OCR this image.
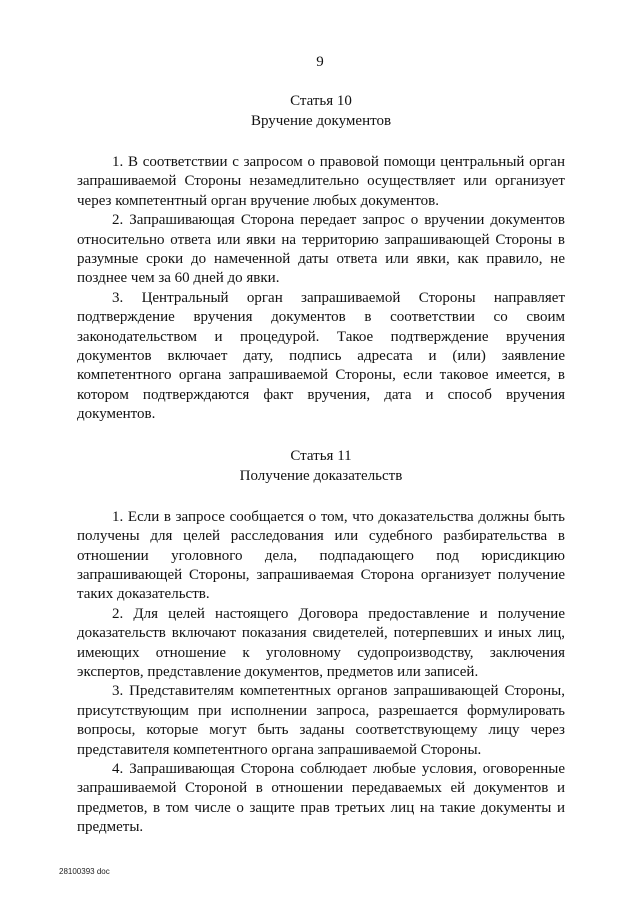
9
Статья 10
Вручение документов

1. В соответствии с запросом о правовой помощи центральный орган запрашиваемой Стороны незамедлительно осуществляет или организует через компетентный орган вручение любых документов.

2. Запрашивающая Сторона передает запрос о вручении документов относительно ответа или явки на территорию запрашивающей Стороны в разумные сроки до намеченной даты ответа или явки, как правило, не позднее чем за 60 дней до явки.

3. Центральный орган запрашиваемой Стороны направляет подтверждение вручения документов в соответствии со своим законодательством и процедурой. Такое подтверждение вручения документов включает дату, подпись адресата и (или) заявление компетентного органа запрашиваемой Стороны, если таковое имеется, в котором подтверждаются факт вручения, дата и способ вручения документов.

Статья 11
Получение доказательств

1. Если в запросе сообщается о том, что доказательства должны быть получены для целей расследования или судебного разбирательства в отношении уголовного дела, подпадающего под юрисдикцию запрашивающей Стороны, запрашиваемая Сторона организует получение таких доказательств.

2. Для целей настоящего Договора предоставление и получение доказательств включают показания свидетелей, потерпевших и иных лиц, имеющих отношение к уголовному судопроизводству, заключения экспертов, представление документов, предметов или записей.

3. Представителям компетентных органов запрашивающей Стороны, присутствующим при исполнении запроса, разрешается формулировать вопросы, которые могут быть заданы соответствующему лицу через представителя компетентного органа запрашиваемой Стороны.

4. Запрашивающая Сторона соблюдает любые условия, оговоренные запрашиваемой Стороной в отношении передаваемых ей документов и предметов, в том числе о защите прав третьих лиц на такие документы и предметы.

28100393 doc
